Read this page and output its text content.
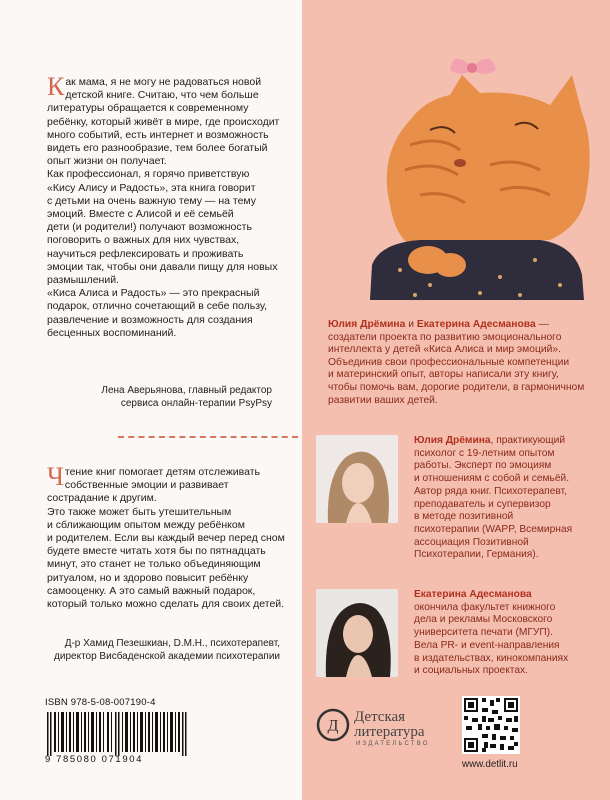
Как мама, я не могу не радоваться новой

детской книге. Считаю, что чем больше

литературы обращается к современному

ребёнку, который живёт в мире, где происходит

много событий, есть интернет и возможность

видеть его разнообразие, тем более богатый

опыт жизни он получает.

Как профессионал, я горячо приветствую

«Кису Алису и Радость», эта книга говорит

с детьми на очень важную тему — на тему

эмоций. Вместе с Алисой и её семьёй

дети (и родители!) получают возможность

поговорить о важных для них чувствах,

научиться рефлексировать и проживать

эмоции так, чтобы они давали пищу для новых

размышлений.

«Киса Алиса и Радость» — это прекрасный

подарок, отлично сочетающий в себе пользу,

развлечение и возможность для создания

бесценных воспоминаний.

Лена Аверьянова, главный редактор
сервиса онлайн-терапии PsyPsy

Чтение книг помогает детям отслеживать

собственные эмоции и развивает

сострадание к другим.

Это также может быть утешительным

и сближающим опытом между ребёнком

и родителем. Если вы каждый вечер перед сном

будете вместе читать хотя бы по пятнадцать

минут, это станет не только объединяющим

ритуалом, но и здорово повысит ребёнку

самооценку. А это самый важный подарок,

который только можно сделать для своих детей.

Д-р Хамид Пезешкиан, D.M.H., психотерапевт,
директор Висбаденской академии психотерапии
Юлия Дрёмина и Екатерина Адесманова — создатели проекта по развитию эмоционального
интеллекта у детей «Киса Алиса и мир эмоций».
Объединив свои профессиональные компетенции
и материнский опыт, авторы написали эту книгу,
чтобы помочь вам, дорогие родители, в гармоничном
развитии ваших детей.
Юлия Дрёмина, практикующий
психолог с 19-летним опытом
работы. Эксперт по эмоциям
и отношениям с собой и семьёй.
Автор ряда книг. Психотерапевт,
преподаватель и супервизор
в методе позитивной
психотерапии (WAPP, Всемирная
ассоциация Позитивной
Психотерапии, Германия).
Екатерина Адесманова
окончила факультет книжного
дела и рекламы Московского
университета печати (МГУП).
Вела PR- и event-направления
в издательствах, кинокомпаниях
и социальных проектах.
ISBN 978-5-08-007190-4
9 785080 071904
Д
Детская
литература
ИЗДАТЕЛЬСТВО
www.detlit.ru
